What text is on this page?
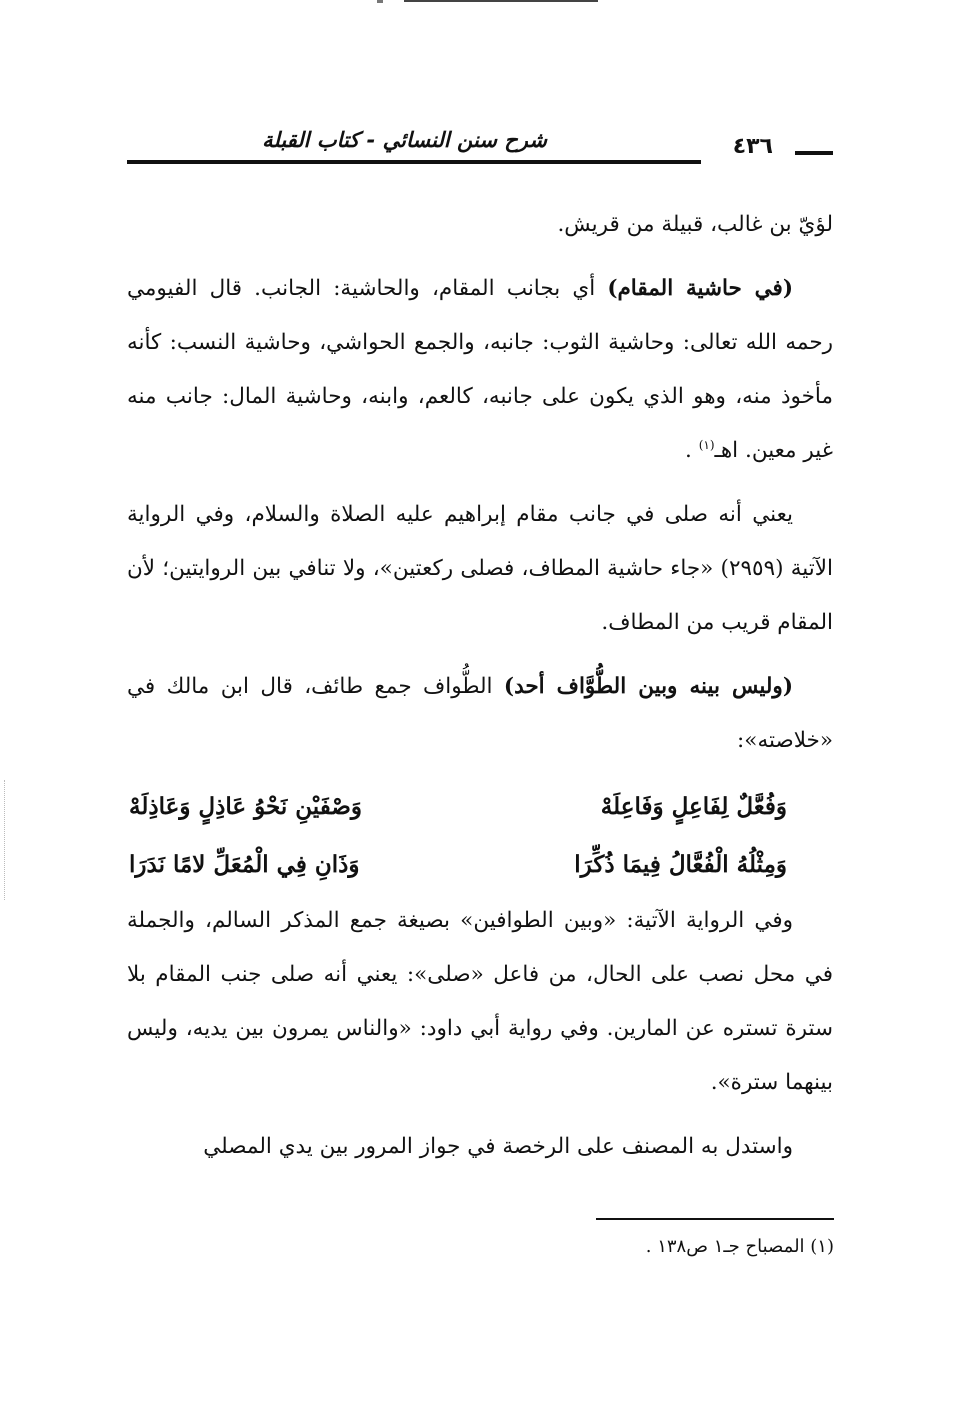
شرح سنن النسائي - كتاب القبلة	٤٣٦

لؤيّ بن غالب، قبيلة من قريش.

(في حاشية المقام) أي بجانب المقام، والحاشية: الجانب. قال الفيومي رحمه الله تعالى: وحاشية الثوب: جانبه، والجمع الحواشي، وحاشية النسب: كأنه مأخوذ منه، وهو الذي يكون على جانبه، كالعم، وابنه، وحاشية المال: جانب منه غير معين. اهـ$^{(١)}$ .

يعني أنه صلى في جانب مقام إبراهيم عليه الصلاة والسلام، وفي الرواية الآتية (٢٩٥٩) «جاء حاشية المطاف، فصلى ركعتين»، ولا تنافي بين الروايتين؛ لأن المقام قريب من المطاف.

(وليس بينه وبين الطُّوَّاف أحد) الطُّواف جمع طائف، قال ابن مالك في «خلاصته»:

وَفُعَّلٌ لِفَاعِلٍ وَفَاعِلَهْ
وَصْفَيْنِ نَحْوُ عَاذِلٍ وَعَاذِلَهْ
وَمِثْلُهُ الْفُعَّالُ فِيمَا ذُكِّرَا
وَذَانِ فِي الْمُعَلِّ لامًا نَدَرَا

وفي الرواية الآتية: «وبين الطوافين» بصيغة جمع المذكر السالم، والجملة في محل نصب على الحال، من فاعل «صلى»: يعني أنه صلى جنب المقام بلا سترة تستره عن المارين. وفي رواية أبي داود: «والناس يمرون بين يديه، وليس بينهما سترة».

واستدل به المصنف على الرخصة في جواز المرور بين يدي المصلي

(١) المصباح جـ١ ص١٣٨ .
